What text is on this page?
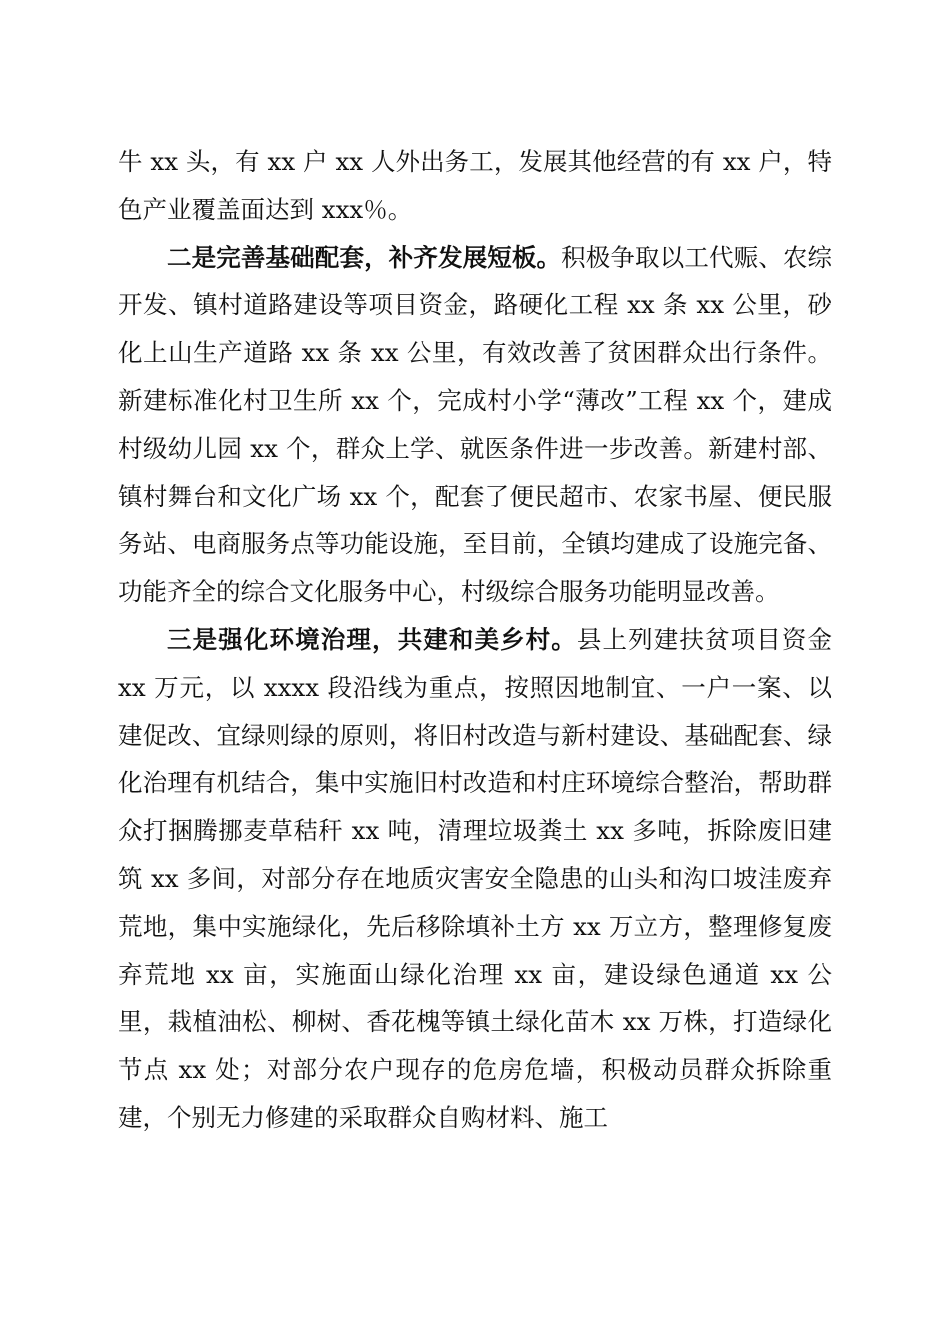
牛 xx 头，有 xx 户 xx 人外出务工，发展其他经营的有 xx 户，特色产业覆盖面达到 xxx％。

二是完善基础配套，补齐发展短板。积极争取以工代赈、农综开发、镇村道路建设等项目资金，路硬化工程 xx 条 xx 公里，砂化上山生产道路 xx 条 xx 公里，有效改善了贫困群众出行条件。新建标准化村卫生所 xx 个，完成村小学“薄改”工程 xx 个，建成村级幼儿园 xx 个，群众上学、就医条件进一步改善。新建村部、镇村舞台和文化广场 xx 个，配套了便民超市、农家书屋、便民服务站、电商服务点等功能设施，至目前，全镇均建成了设施完备、功能齐全的综合文化服务中心，村级综合服务功能明显改善。

三是强化环境治理，共建和美乡村。县上列建扶贫项目资金 xx 万元，以 xxxx 段沿线为重点，按照因地制宜、一户一案、以建促改、宜绿则绿的原则，将旧村改造与新村建设、基础配套、绿化治理有机结合，集中实施旧村改造和村庄环境综合整治，帮助群众打捆腾挪麦草秸秆 xx 吨，清理垃圾粪土 xx 多吨，拆除废旧建筑 xx 多间，对部分存在地质灾害安全隐患的山头和沟口坡洼废弃荒地，集中实施绿化，先后移除填补土方 xx 万立方，整理修复废弃荒地 xx 亩，实施面山绿化治理 xx 亩，建设绿色通道 xx 公里，栽植油松、柳树、香花槐等镇土绿化苗木 xx 万株，打造绿化节点 xx 处；对部分农户现存的危房危墙，积极动员群众拆除重建，个别无力修建的采取群众自购材料、施工
